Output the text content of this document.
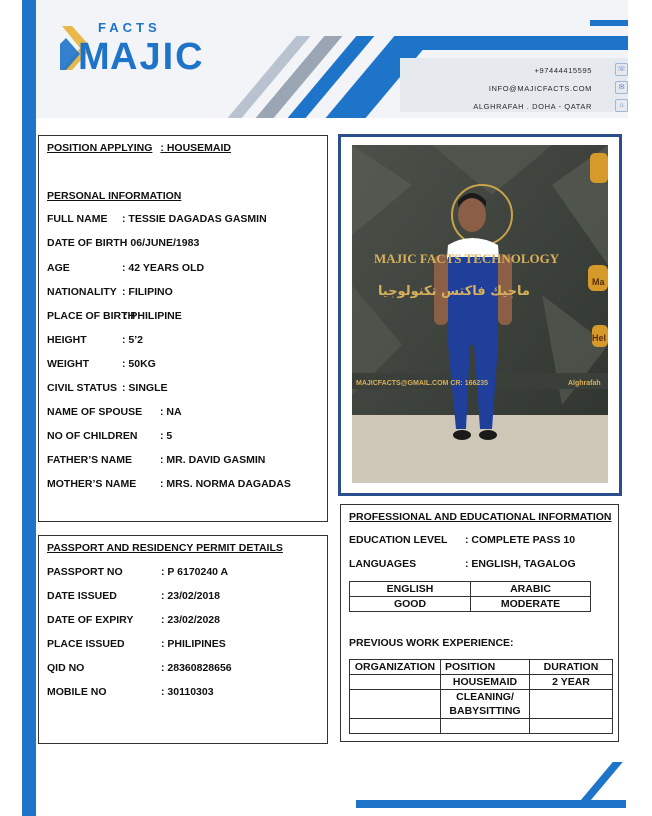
FACTS
M AJIC	+97444415595	☏
INFO@MAJICFACTS.COM	✉
ALGHRAFAH . DOHA - QATAR	⌂
POSITION APPLYING : HOUSEMAID
PERSONAL INFORMATION
FULL NAME : TESSIE DAGADAS GASMIN
DATE OF BIRTH
: 06/JUNE/1983
AGE	: 42 YEARS OLD
NATIONALITY : FILIPINO
PLACE OF BIRTH
: PHILIPINE
HEIGHT	: 5’2
WEIGHT	: 50KG
CIVIL STATUS : SINGLE
NAME OF SPOUSE : NA
NO OF CHILDREN : 5
FATHER’S NAME	: MR. DAVID GASMIN
MOTHER’S NAME : MRS. NORMA DAGADAS
PASSPORT AND RESIDENCY PERMIT DETAILS
PASSPORT NO	: P 6170240 A
DATE ISSUED	: 23/02/2018
DATE OF EXPIRY	: 23/02/2028
PLACE ISSUED	: PHILIPINES
QID NO	: 28360828656
MOBILE NO	: 30110303
MAJIC FACTS TECHNOLOGY
ماجيك فاكتس تكنولوجيا
MAJICFACTS@GMAIL.COM CR: 166235	Alghrafah
Ma
Hel
PROFESSIONAL AND EDUCATIONAL INFORMATION
EDUCATION LEVEL : COMPLETE PASS 10
LANGUAGES	: ENGLISH, TAGALOG
ENGLISH	ARABIC
GOOD	MODERATE
PREVIOUS WORK EXPERIENCE:
ORGANIZATION	POSITION	DURATION
	HOUSEMAID	2 YEAR
	CLEANING/
BABYSITTING	
